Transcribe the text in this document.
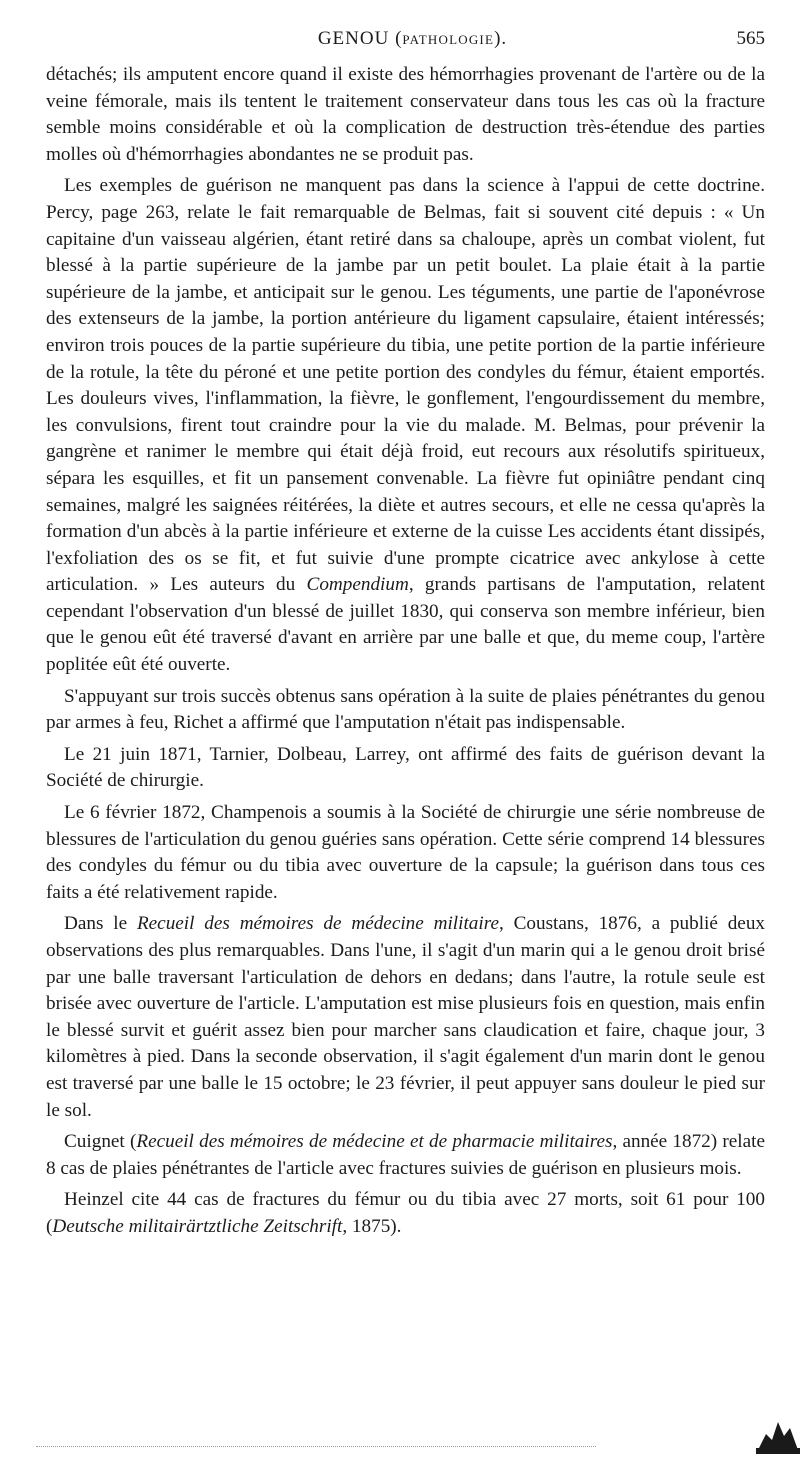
GENOU (PATHOLOGIE).	565

détachés; ils amputent encore quand il existe des hémorrhagies provenant de l'artère ou de la veine fémorale, mais ils tentent le traitement conservateur dans tous les cas où la fracture semble moins considérable et où la complication de destruction très-étendue des parties molles où d'hémorrhagies abondantes ne se produit pas.

Les exemples de guérison ne manquent pas dans la science à l'appui de cette doctrine. Percy, page 263, relate le fait remarquable de Belmas, fait si souvent cité depuis : « Un capitaine d'un vaisseau algérien, étant retiré dans sa chaloupe, après un combat violent, fut blessé à la partie supérieure de la jambe par un petit boulet. La plaie était à la partie supérieure de la jambe, et anticipait sur le genou. Les téguments, une partie de l'aponévrose des extenseurs de la jambe, la portion antérieure du ligament capsulaire, étaient intéressés; environ trois pouces de la partie supérieure du tibia, une petite portion de la partie inférieure de la rotule, la tête du péroné et une petite portion des condyles du fémur, étaient emportés. Les douleurs vives, l'inflammation, la fièvre, le gonflement, l'engourdissement du membre, les convulsions, firent tout craindre pour la vie du malade. M. Belmas, pour prévenir la gangrène et ranimer le membre qui était déjà froid, eut recours aux résolutifs spiritueux, sépara les esquilles, et fit un pansement convenable. La fièvre fut opiniâtre pendant cinq semaines, malgré les saignées réitérées, la diète et autres secours, et elle ne cessa qu'après la formation d'un abcès à la partie inférieure et externe de la cuisse Les accidents étant dissipés, l'exfoliation des os se fit, et fut suivie d'une prompte cicatrice avec ankylose à cette articulation. » Les auteurs du Compendium, grands partisans de l'amputation, relatent cependant l'observation d'un blessé de juillet 1830, qui conserva son membre inférieur, bien que le genou eût été traversé d'avant en arrière par une balle et que, du meme coup, l'artère poplitée eût été ouverte.

S'appuyant sur trois succès obtenus sans opération à la suite de plaies pénétrantes du genou par armes à feu, Richet a affirmé que l'amputation n'était pas indispensable.

Le 21 juin 1871, Tarnier, Dolbeau, Larrey, ont affirmé des faits de guérison devant la Société de chirurgie.

Le 6 février 1872, Champenois a soumis à la Société de chirurgie une série nombreuse de blessures de l'articulation du genou guéries sans opération. Cette série comprend 14 blessures des condyles du fémur ou du tibia avec ouverture de la capsule; la guérison dans tous ces faits a été relativement rapide.

Dans le Recueil des mémoires de médecine militaire, Coustans, 1876, a publié deux observations des plus remarquables. Dans l'une, il s'agit d'un marin qui a le genou droit brisé par une balle traversant l'articulation de dehors en dedans; dans l'autre, la rotule seule est brisée avec ouverture de l'article. L'amputation est mise plusieurs fois en question, mais enfin le blessé survit et guérit assez bien pour marcher sans claudication et faire, chaque jour, 3 kilomètres à pied. Dans la seconde observation, il s'agit également d'un marin dont le genou est traversé par une balle le 15 octobre; le 23 février, il peut appuyer sans douleur le pied sur le sol.

Cuignet (Recueil des mémoires de médecine et de pharmacie militaires, année 1872) relate 8 cas de plaies pénétrantes de l'article avec fractures suivies de guérison en plusieurs mois.

Heinzel cite 44 cas de fractures du fémur ou du tibia avec 27 morts, soit 61 pour 100 (Deutsche militairärtztliche Zeitschrift, 1875).
